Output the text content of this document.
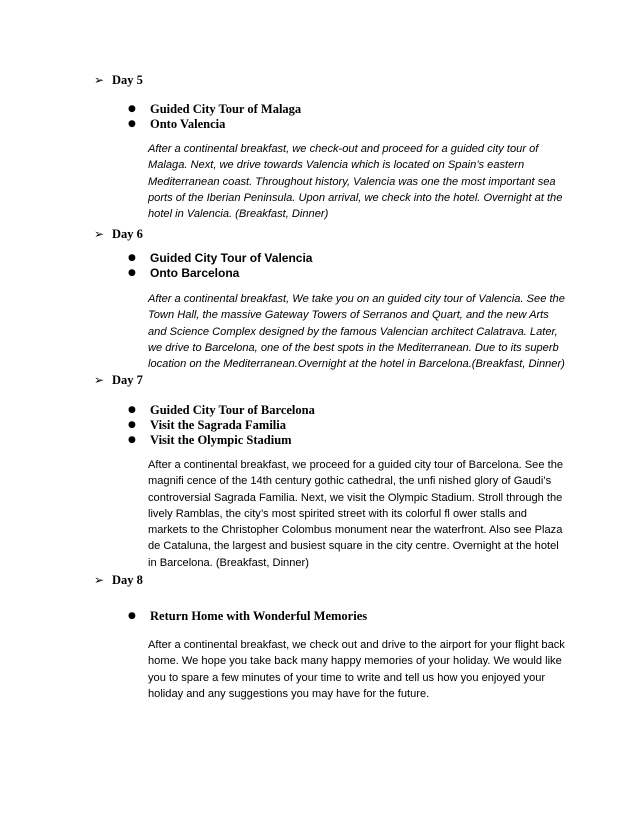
➢ Day 5
●	Guided City Tour of Malaga
●	Onto Valencia
After a continental breakfast, we check-out and proceed for a guided city tour of
Malaga. Next, we drive towards Valencia which is located on Spain’s eastern
Mediterranean coast. Throughout history, Valencia was one the most important sea
ports of the Iberian Peninsula. Upon arrival, we check into the hotel. Overnight at the
hotel in Valencia. (Breakfast, Dinner)
➢ Day 6
●	Guided City Tour of Valencia
●	Onto Barcelona
After a continental breakfast, We take you on an guided city tour of Valencia. See the
Town Hall, the massive Gateway Towers of Serranos and Quart, and the new Arts
and Science Complex designed by the famous Valencian architect Calatrava. Later,
we drive to Barcelona, one of the best spots in the Mediterranean. Due to its superb
location on the Mediterranean.Overnight at the hotel in Barcelona.(Breakfast, Dinner)
➢ Day 7
●	Guided City Tour of Barcelona
●	Visit the Sagrada Familia
●	Visit the Olympic Stadium
After a continental breakfast, we proceed for a guided city tour of Barcelona. See the
magnifi cence of the 14th century gothic cathedral, the unfi nished glory of Gaudi’s
controversial Sagrada Familia. Next, we visit the Olympic Stadium. Stroll through the
lively Ramblas, the city’s most spirited street with its colorful fl ower stalls and
markets to the Christopher Colombus monument near the waterfront. Also see Plaza
de Cataluna, the largest and busiest square in the city centre. Overnight at the hotel
in Barcelona. (Breakfast, Dinner)
➢ Day 8
●	Return Home with Wonderful Memories
After a continental breakfast, we check out and drive to the airport for your flight back
home. We hope you take back many happy memories of your holiday. We would like
you to spare a few minutes of your time to write and tell us how you enjoyed your
holiday and any suggestions you may have for the future.
